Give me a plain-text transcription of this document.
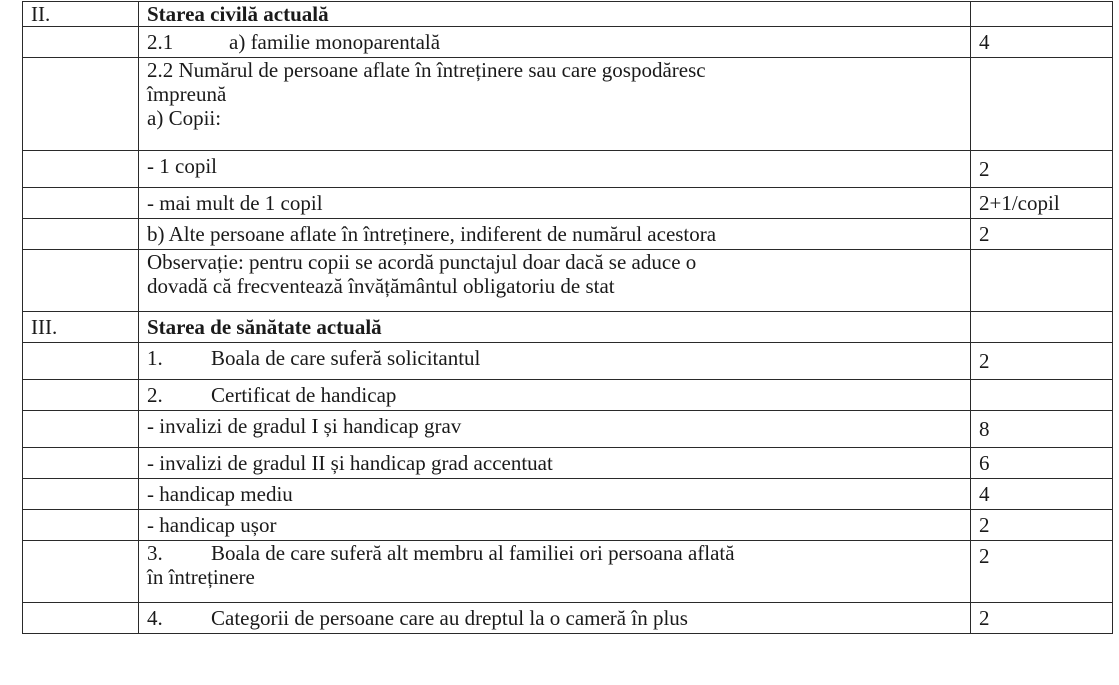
II.	Starea civilă actuală	
	2.1 a) familie monoparentală	4

	2.2 Numărul de persoane aflate în întreținere sau care gospodăresc
împreună
a) Copii:	

	- 1 copil	2
	- mai mult de 1 copil	2+1/copil
	b) Alte persoane aflate în întreținere, indiferent de numărul acestora	2

	Observație: pentru copii se acordă punctajul doar dacă se aduce o
dovadă că frecventează învățământul obligatoriu de stat	

III.	Starea de sănătate actuală	
	1. Boala de care suferă solicitantul	2
	2. Certificat de handicap	
	- invalizi de gradul I și handicap grav	8
	- invalizi de gradul II și handicap grad accentuat	6
	- handicap mediu	4
	- handicap ușor	2

	3. Boala de care suferă alt membru al familiei ori persoana aflată
în întreținere	2
	4. Categorii de persoane care au dreptul la o cameră în plus	2
